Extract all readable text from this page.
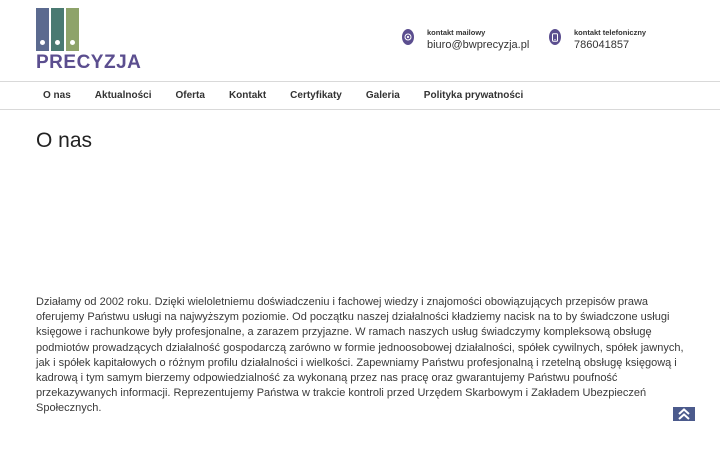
PRECYZJA
kontakt mailowy
biuro@bwprecyzja.pl
kontakt telefoniczny
786041857
O nas Aktualności Oferta Kontakt Certyfikaty Galeria Polityka prywatności
O nas

Działamy od 2002 roku. Dzięki wieloletniemu doświadczeniu i fachowej wiedzy i znajomości obowiązujących przepisów prawa oferujemy Państwu usługi na najwyższym poziomie. Od początku naszej działalności kładziemy nacisk na to by świadczone usługi księgowe i rachunkowe były profesjonalne, a zarazem przyjazne. W ramach naszych usług świadczymy kompleksową obsługę podmiotów prowadzących działalność gospodarczą zarówno w formie jednoosobowej działalności, spółek cywilnych, spółek jawnych, jak i spółek kapitałowych o różnym profilu działalności i wielkości. Zapewniamy Państwu profesjonalną i rzetelną obsługę księgową i kadrową i tym samym bierzemy odpowiedzialność za wykonaną przez nas pracę oraz gwarantujemy Państwu poufność przekazywanych informacji. Reprezentujemy Państwa w trakcie kontroli przed Urzędem Skarbowym i Zakładem Ubezpieczeń Społecznych.
